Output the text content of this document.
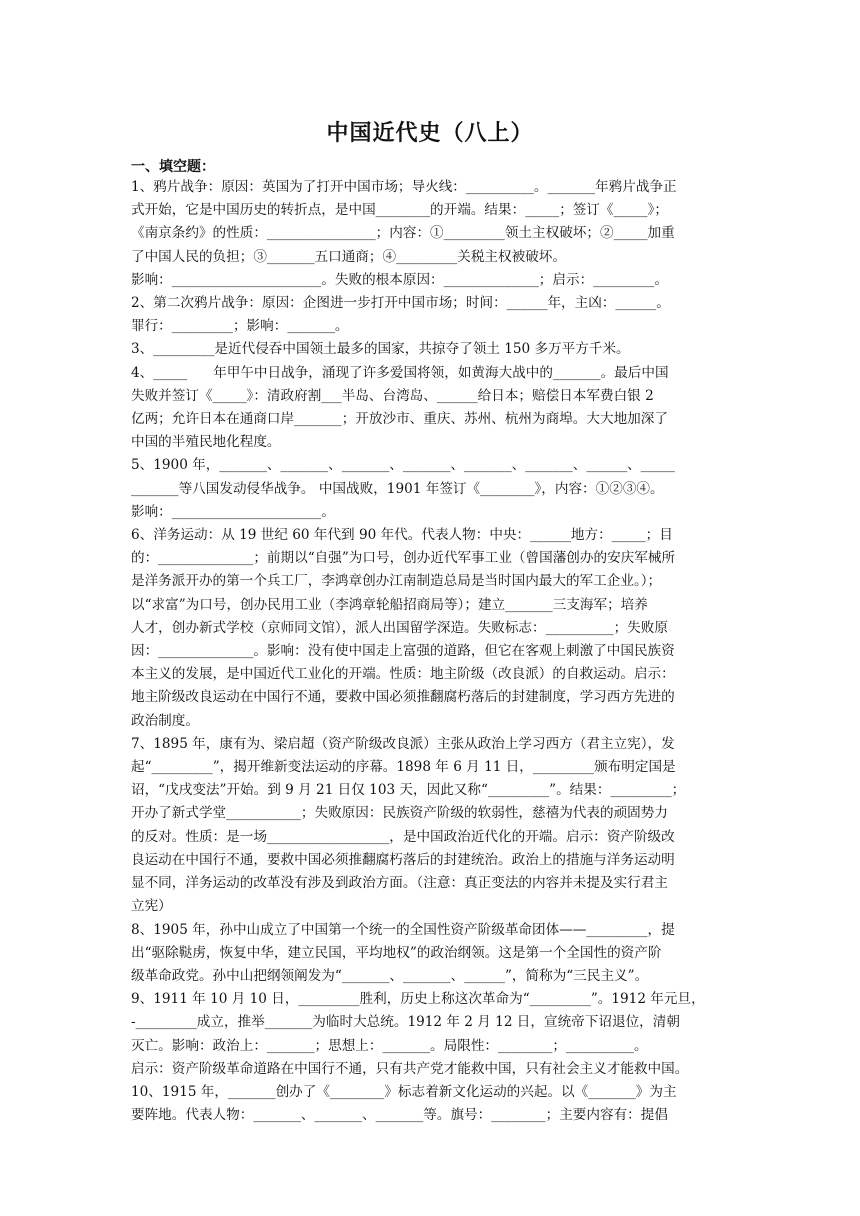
中国近代史（八上）
一、填空题：

1、鸦片战争：原因：英国为了打开中国市场；导火线：__________。_______年鸦片战争正

式开始，它是中国历史的转折点，是中国________的开端。结果：_____；签订《_____》；

《南京条约》的性质：________________；内容：①_________领土主权破坏；②_____加重

了中国人民的负担；③_______五口通商；④_________关税主权被破坏。

影响：______________________。失败的根本原因：______________；启示：_________。

2、第二次鸦片战争：原因：企图进一步打开中国市场；时间：______年，主凶：______。

罪行：_________；影响：_______。

3、_________是近代侵吞中国领土最多的国家，共掠夺了领土 150 多万平方千米。

4、_____      年甲午中日战争，涌现了许多爱国将领，如黄海大战中的_______。最后中国

失败并签订《_____》：清政府割___半岛、台湾岛、______给日本；赔偿日本军费白银 2

亿两；允许日本在通商口岸_______；开放沙市、重庆、苏州、杭州为商埠。大大地加深了

中国的半殖民地化程度。

5、1900 年，_______、_______、_______、_______、_______、_______、______、_____

_______等八国发动侵华战争。 中国战败，1901 年签订《________》，内容：①②③④。

影响：______________________。

6、洋务运动：从 19 世纪 60 年代到 90 年代。代表人物：中央：______地方：_____；目

的：______________；前期以“自强”为口号，创办近代军事工业（曾国藩创办的安庆军械所

是洋务派开办的第一个兵工厂，李鸿章创办江南制造总局是当时国内最大的军工企业。）；

以“求富”为口号，创办民用工业（李鸿章轮船招商局等）；建立_______三支海军；培养

人才，创办新式学校（京师同文馆），派人出国留学深造。失败标志：__________；失败原

因：______________。影响：没有使中国走上富强的道路，但它在客观上刺激了中国民族资

本主义的发展，是中国近代工业化的开端。性质：地主阶级（改良派）的自救运动。启示：

地主阶级改良运动在中国行不通，要救中国必须推翻腐朽落后的封建制度，学习西方先进的

政治制度。

7、1895 年，康有为、梁启超（资产阶级改良派）主张从政治上学习西方（君主立宪），发

起“_________”，揭开维新变法运动的序幕。1898 年 6 月 11 日，_________颁布明定国是

诏，“戊戌变法”开始。到 9 月 21 日仅 103 天，因此又称“_________”。结果：_________；

开办了新式学堂___________；失败原因：民族资产阶级的软弱性，慈禧为代表的顽固势力

的反对。性质：是一场__________________，是中国政治近代化的开端。启示：资产阶级改

良运动在中国行不通，要救中国必须推翻腐朽落后的封建统治。政治上的措施与洋务运动明

显不同，洋务运动的改革没有涉及到政治方面。（注意：真正变法的内容并未提及实行君主

立宪）

8、1905 年，孙中山成立了中国第一个统一的全国性资产阶级革命团体——_________，提

出“驱除鞑虏，恢复中华，建立民国，平均地权”的政治纲领。这是第一个全国性的资产阶

级革命政党。孙中山把纲领阐发为“_______、_______、______”，简称为“三民主义”。

9、1911 年 10 月 10 日，_________胜利，历史上称这次革命为“_________”。1912 年元旦，

-_________成立，推举_______为临时大总统。1912 年 2 月 12 日，宣统帝下诏退位，清朝

灭亡。影响：政治上：_______；思想上：_______。局限性：________；__________。

启示：资产阶级革命道路在中国行不通，只有共产党才能救中国，只有社会主义才能救中国。

10、1915 年，_______创办了《________》标志着新文化运动的兴起。以《_______》为主

要阵地。代表人物：_______、_______、_______等。旗号：________；主要内容有：提倡
